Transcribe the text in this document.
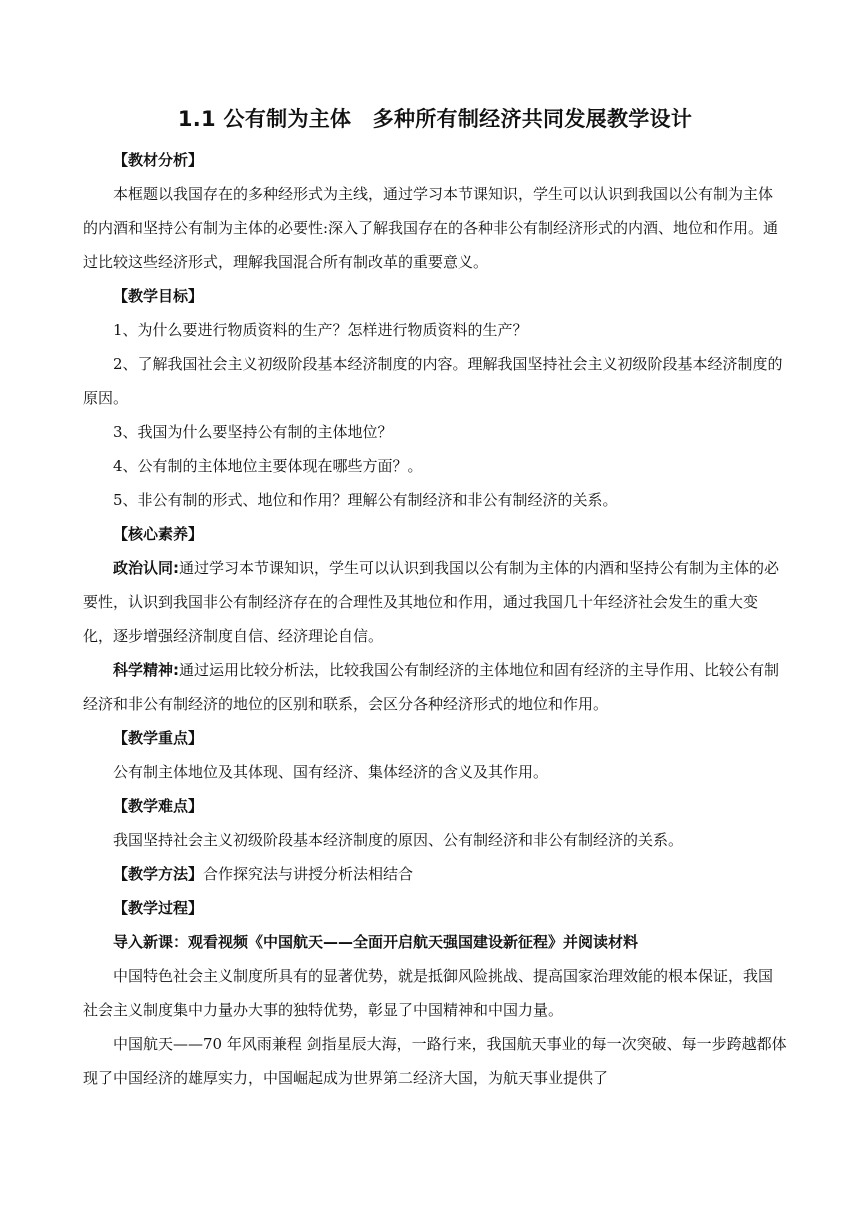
1.1 公有制为主体　多种所有制经济共同发展教学设计
【教材分析】

本框题以我国存在的多种经形式为主线，通过学习本节课知识，学生可以认识到我国以公有制为主体的内酒和坚持公有制为主体的必要性:深入了解我国存在的各种非公有制经济形式的内酒、地位和作用。通过比较这些经济形式，理解我国混合所有制改革的重要意义。

【教学目标】

1、为什么要进行物质资料的生产？怎样进行物质资料的生产？

2、了解我国社会主义初级阶段基本经济制度的内容。理解我国坚持社会主义初级阶段基本经济制度的原因。

3、我国为什么要坚持公有制的主体地位？

4、公有制的主体地位主要体现在哪些方面？。

5、非公有制的形式、地位和作用？理解公有制经济和非公有制经济的关系。

【核心素养】

政治认同:通过学习本节课知识，学生可以认识到我国以公有制为主体的内酒和坚持公有制为主体的必要性，认识到我国非公有制经济存在的合理性及其地位和作用，通过我国几十年经济社会发生的重大变化，逐步增强经济制度自信、经济理论自信。

科学精神:通过运用比较分析法，比较我国公有制经济的主体地位和固有经济的主导作用、比较公有制经济和非公有制经济的地位的区别和联系，会区分各种经济形式的地位和作用。

【教学重点】

公有制主体地位及其体现、国有经济、集体经济的含义及其作用。

【教学难点】

我国坚持社会主义初级阶段基本经济制度的原因、公有制经济和非公有制经济的关系。

【教学方法】合作探究法与讲授分析法相结合
【教学过程】
导入新课：观看视频《中国航天——全面开启航天强国建设新征程》并阅读材料

中国特色社会主义制度所具有的显著优势，就是抵御风险挑战、提高国家治理效能的根本保证，我国社会主义制度集中力量办大事的独特优势，彰显了中国精神和中国力量。

中国航天——70 年风雨兼程 剑指星辰大海，一路行来，我国航天事业的每一次突破、每一步跨越都体现了中国经济的雄厚实力，中国崛起成为世界第二经济大国，为航天事业提供了
